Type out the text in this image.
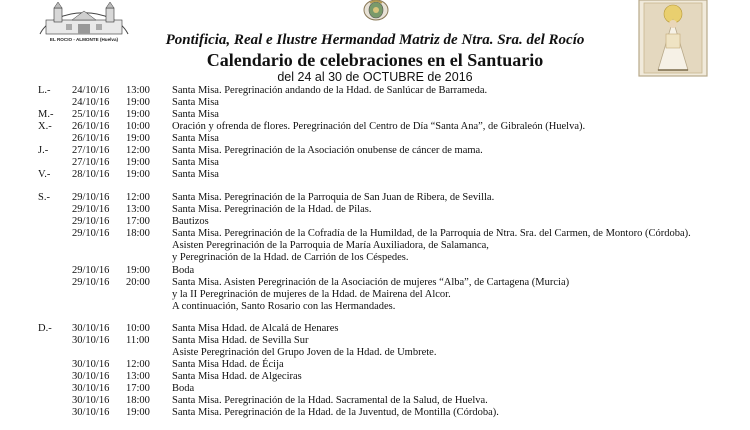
EL ROCIO - ALMONTE (Huelva)	Pontificia, Real e Ilustre Hermandad Matriz de Ntra. Sra. del Rocío

Calendario de celebraciones en el Santuario

del 24 al 30 de OCTUBRE de 2016

L.- 24/10/16 13:00 Santa Misa. Peregrinación andando de la Hdad. de Sanlúcar de Barrameda.
24/10/16 19:00 Santa Misa
M.- 25/10/16 19:00 Santa Misa
X.- 26/10/16 10:00 Oración y ofrenda de flores. Peregrinación del Centro de Día “Santa Ana”, de Gibraleón (Huelva).
26/10/16 19:00 Santa Misa
J.- 27/10/16 12:00 Santa Misa. Peregrinación de la Asociación onubense de cáncer de mama.
27/10/16 19:00 Santa Misa
V.- 28/10/16 19:00 Santa Misa
S.- 29/10/16 12:00 Santa Misa. Peregrinación de la Parroquia de San Juan de Ribera, de Sevilla.
29/10/16 13:00 Santa Misa. Peregrinación de la Hdad. de Pilas.
29/10/16 17:00 Bautizos
29/10/16 18:00 Santa Misa. Peregrinación de la Cofradía de la Humildad, de la Parroquia de Ntra. Sra. del Carmen, de Montoro (Córdoba).
Asisten Peregrinación de la Parroquia de María Auxiliadora, de Salamanca,
y Peregrinación de la Hdad. de Carrión de los Céspedes.
29/10/16 19:00 Boda
29/10/16 20:00 Santa Misa. Asisten Peregrinación de la Asociación de mujeres “Alba”, de Cartagena (Murcia)
y la II Peregrinación de mujeres de la Hdad. de Mairena del Alcor.
A continuación, Santo Rosario con las Hermandades.
D.- 30/10/16 10:00 Santa Misa Hdad. de Alcalá de Henares
30/10/16 11:00 Santa Misa Hdad. de Sevilla Sur
Asiste Peregrinación del Grupo Joven de la Hdad. de Umbrete.
30/10/16 12:00 Santa Misa Hdad. de Écija
30/10/16 13:00 Santa Misa Hdad. de Algeciras
30/10/16 17:00 Boda
30/10/16 18:00 Santa Misa. Peregrinación de la Hdad. Sacramental de la Salud, de Huelva.
30/10/16 19:00 Santa Misa. Peregrinación de la Hdad. de la Juventud, de Montilla (Córdoba).
